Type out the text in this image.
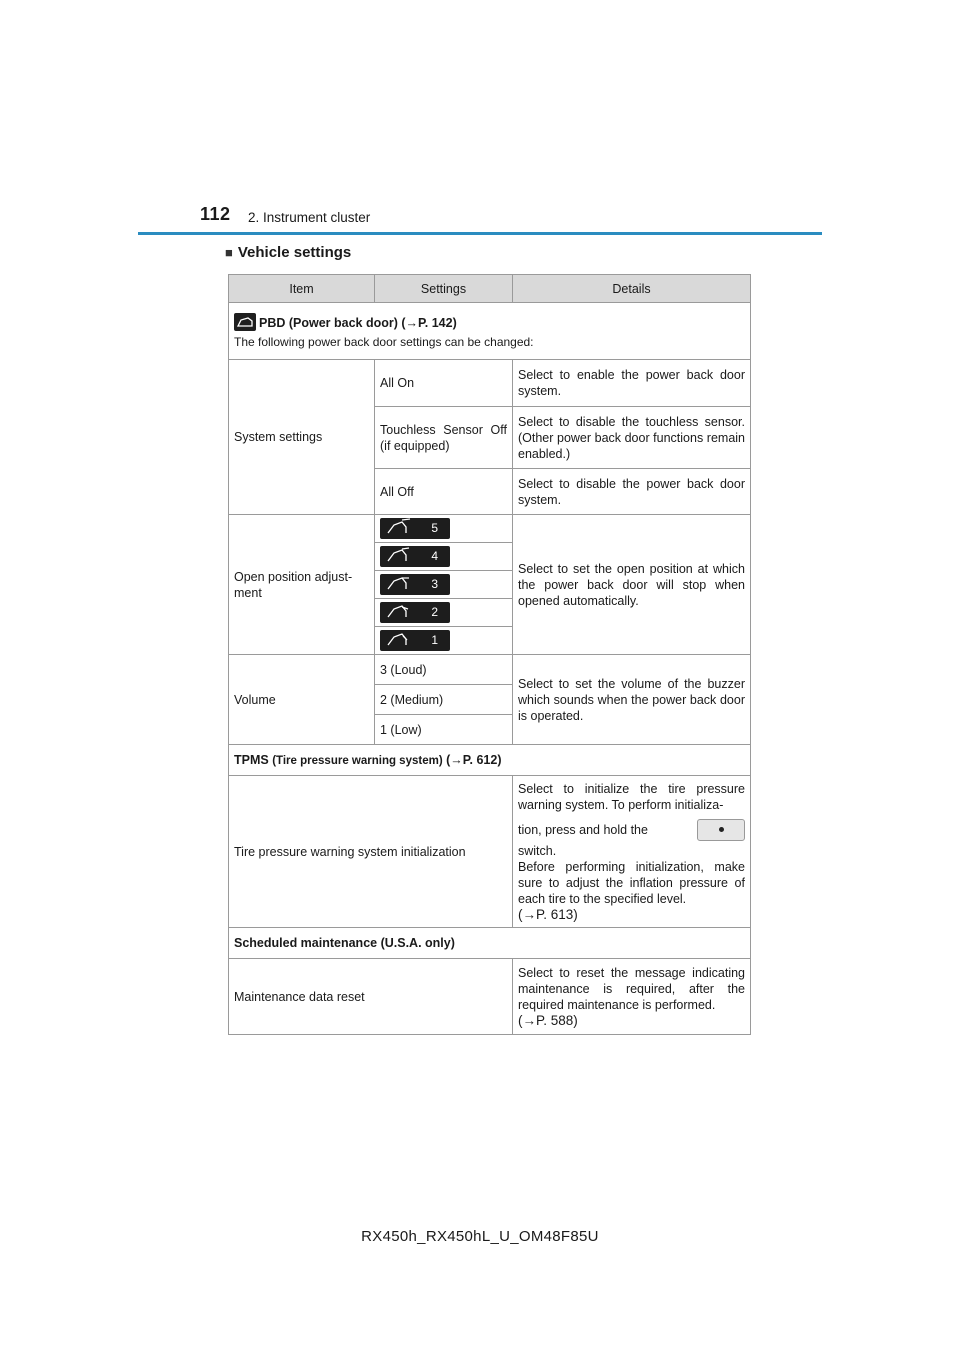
112 2. Instrument cluster
■ Vehicle settings
Item	Settings	Details
PBD (Power back door) (→P. 142)
The following power back door settings can be changed:		

System settings	All On	Select to enable the power back door system.
	Touchless Sensor Off (if equipped)	Select to disable the touchless sensor. (Other power back door functions remain enabled.)
	All Off	Select to disable the power back door system.
Open position adjust-ment	5	Select to set the open position at which the power back door will stop when opened automatically.

	4	

	3	

	2	

	1	

Volume	3 (Loud)	Select to set the volume of the buzzer which sounds when the power back door is operated.
	2 (Medium)	
	1 (Low)	
TPMS (Tire pressure warning system) (→P. 612)		
Tire pressure warning system initialization		Select to initialize the tire pressure warning system. To perform initializa-
tion, press and hold the
switch.
Before performing initialization, make sure to adjust the inflation pressure of each tire to the specified level.
(→P. 613)

Scheduled maintenance (U.S.A. only)		
Maintenance data reset		Select to reset the message indicating maintenance is required, after the required maintenance is performed.
(→P. 588)
RX450h_RX450hL_U_OM48F85U
